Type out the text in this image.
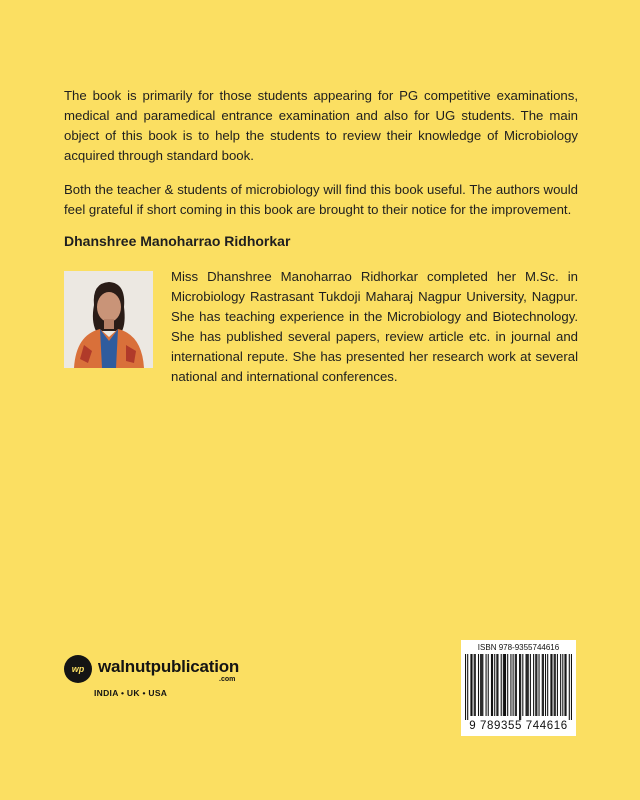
The book is primarily for those students appearing for PG competitive examinations, medical and paramedical entrance examination and also for UG students. The main object of this book is to help the students to review their knowledge of Microbiology acquired through standard book.

Both the teacher & students of microbiology will find this book useful. The authors would feel grateful if short coming in this book are brought to their notice for the improvement.

Dhanshree Manoharrao Ridhorkar

Miss Dhanshree Manoharrao Ridhorkar completed her M.Sc. in Microbiology Rastrasant Tukdoji Maharaj Nagpur University, Nagpur. She has teaching experience in the Microbiology and Biotechnology. She has published several papers, review article etc. in journal and international repute. She has presented her research work at several national and international conferences.

wp walnutpublication
.com
INDIA • UK • USA
ISBN 978-9355744616
9 789355 744616
